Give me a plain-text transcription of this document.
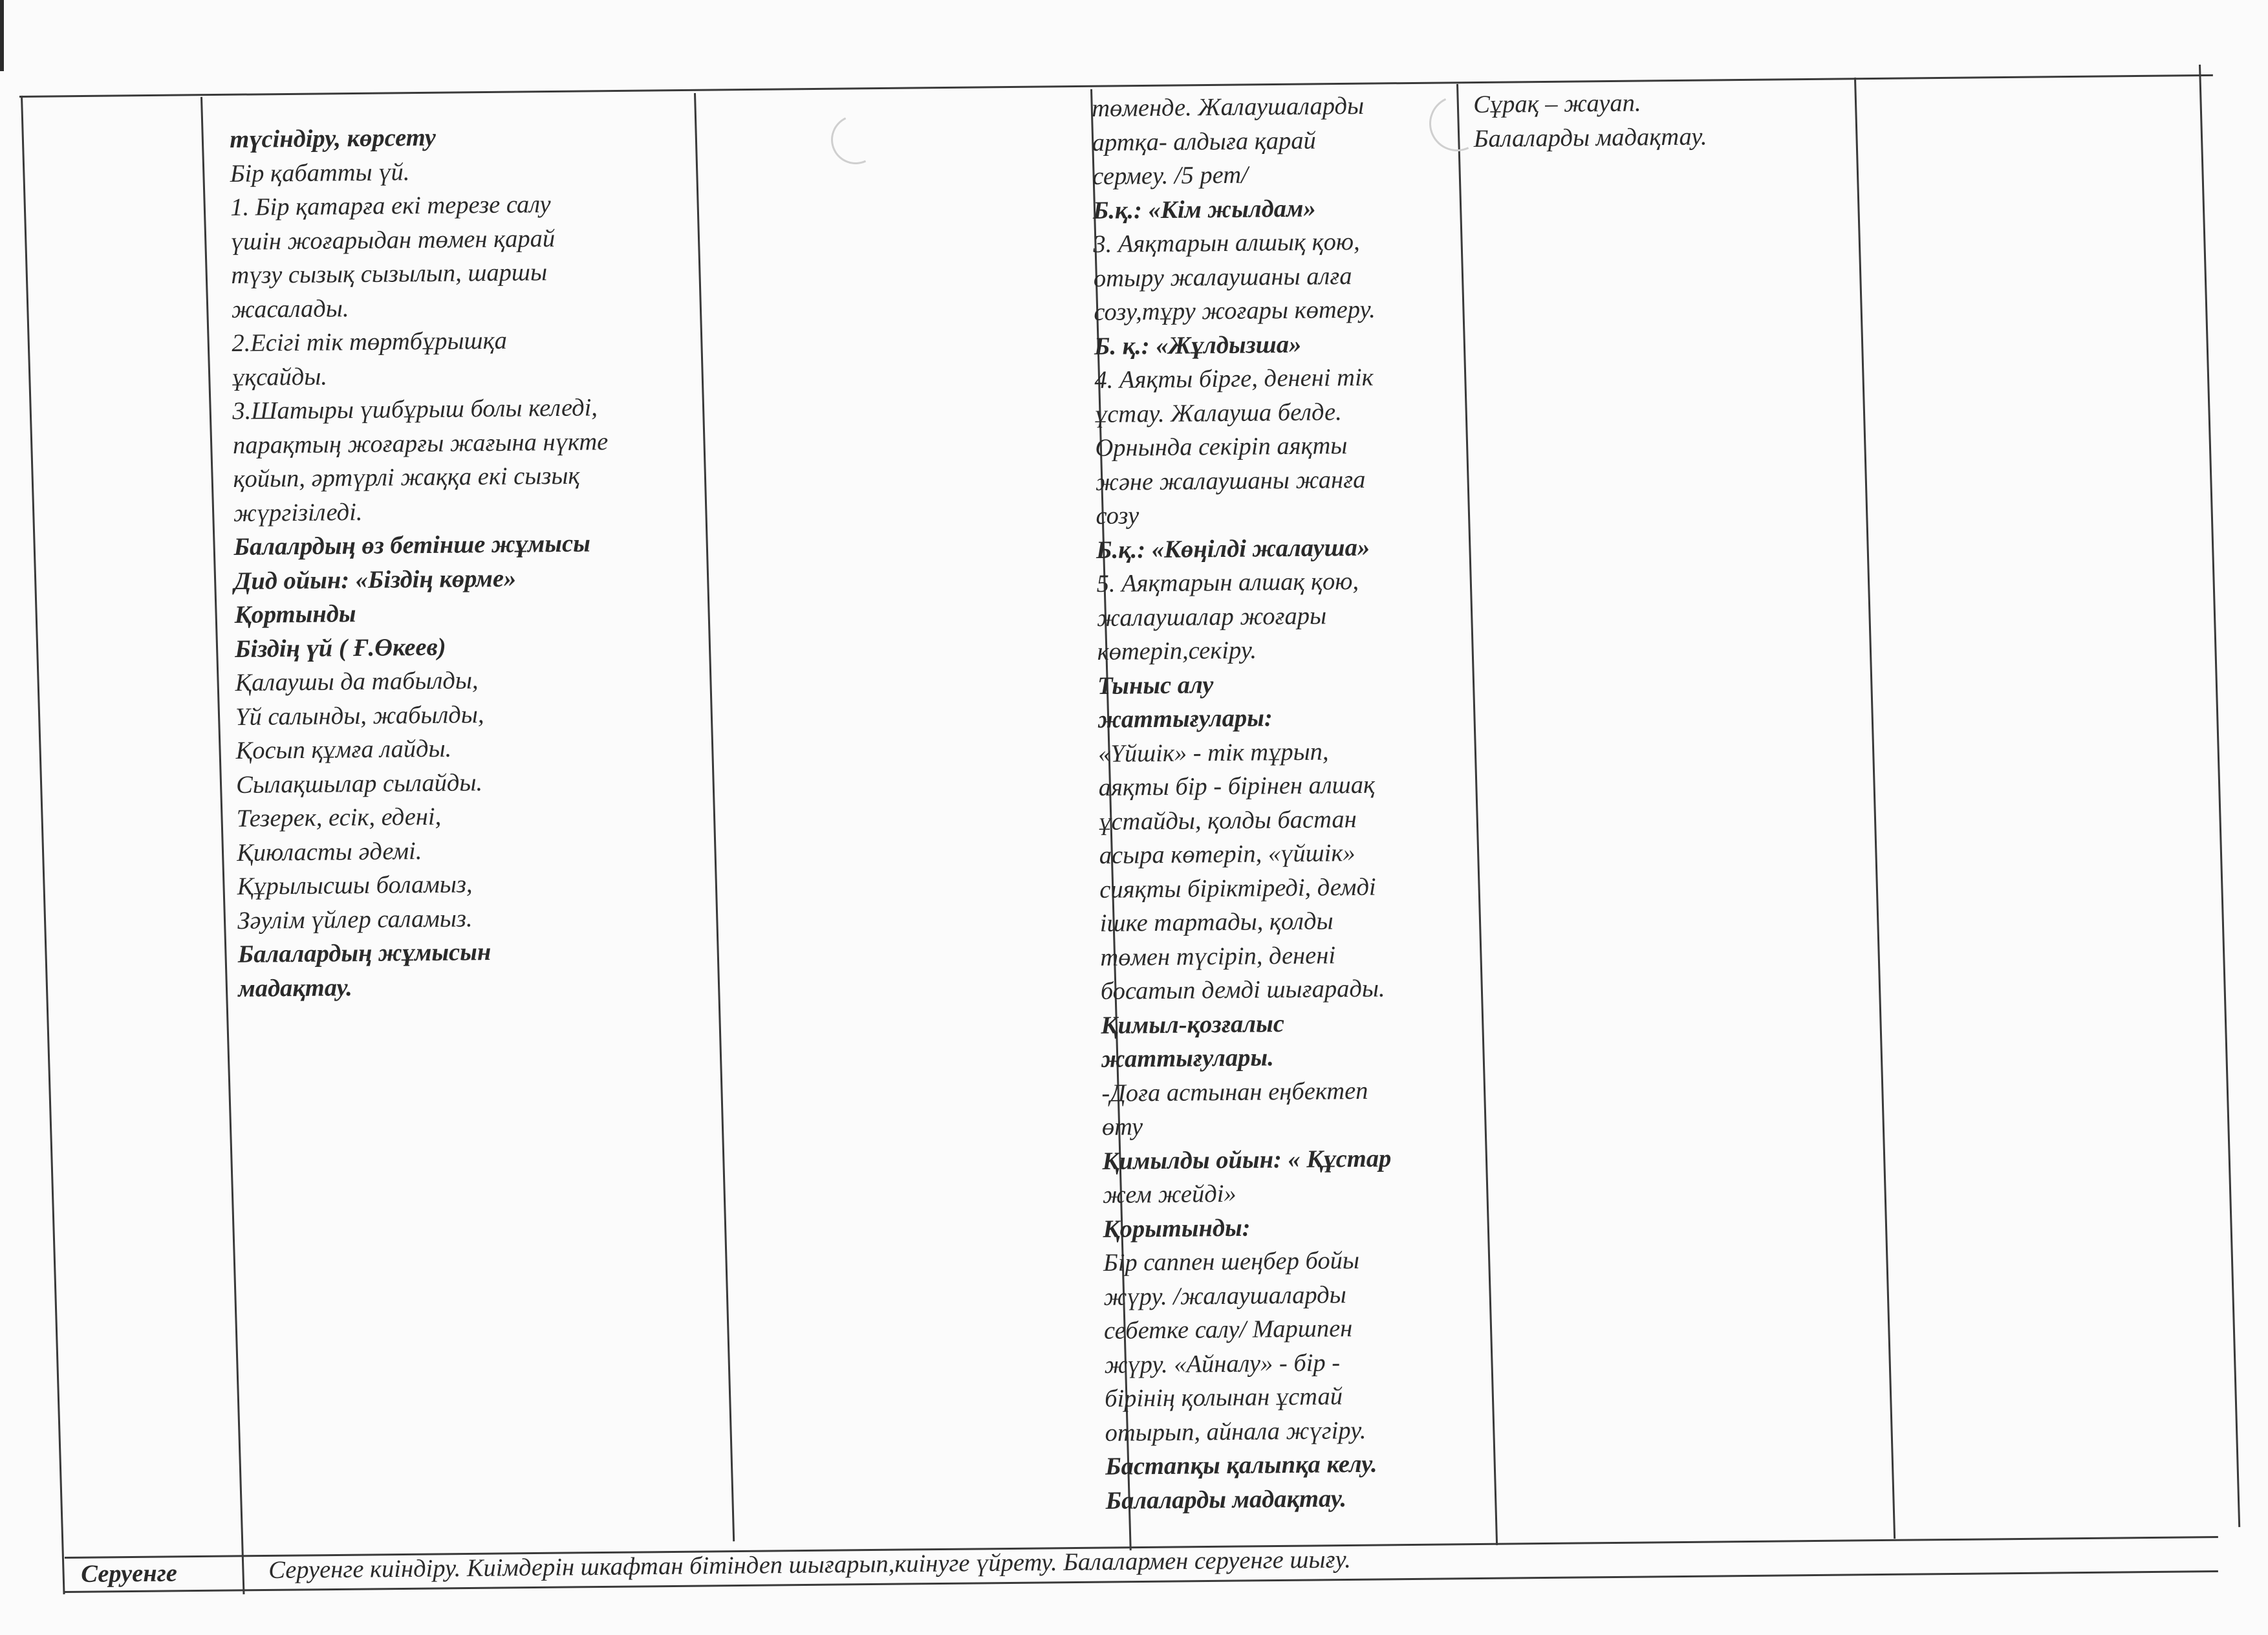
түсіндіру, көрсету
Бір қабатты үй.
1. Бір қатарға екі терезе салу
үшін жоғарыдан төмен қарай
түзу сызық сызылып, шаршы
жасалады.
2.Есігі тік төртбұрышқа
ұқсайды.
3.Шатыры үшбұрыш болы келеді,
парақтың жоғарғы жағына нүкте
қойып, әртүрлі жаққа екі сызық
жүргізіледі.
Балалрдың өз бетінше жұмысы
Дид ойын: «Біздің көрме»
Қортынды
Біздің үй ( Ғ.Өкеев)
Қалаушы да табылды,
Үй салынды, жабылды,
Қосып құмға лайды.
Сылақшылар сылайды.
Тезерек, есік, едені,
Қиюласты әдемі.
Құрылысшы боламыз,
Зәулім үйлер саламыз.
Балалардың жұмысын
мадақтау.
төменде. Жалаушаларды
артқа- алдыға қарай
сермеу. /5 рет/
Б.қ.: «Кім жылдам»
3. Аяқтарын алшық қою,
отыру жалаушаны алға
созу,тұру жоғары көтеру.
Б. қ.: «Жұлдызша»
4. Аяқты бірге, денені тік
ұстау. Жалауша белде.
Орнында секіріп аяқты
және жалаушаны жанға
созу
Б.қ.: «Көңілді жалауша»
5. Аяқтарын алшақ қою,
жалаушалар жоғары
көтеріп,секіру.
Тыныс алу
жаттығулары:
«Үйшік» - тік тұрып,
аяқты бір - бірінен алшақ
ұстайды, қолды бастан
асыра көтеріп, «үйшік»
сияқты біріктіреді, демді
ішке тартады, қолды
төмен түсіріп, денені
босатып демді шығарады.
Қимыл-қозғалыс
жаттығулары.
-Доға астынан еңбектеп
өту
Қимылды ойын: « Құстар
жем жейді»
Қорытынды:
Бір саппен шеңбер бойы
жүру. /жалаушаларды
себетке салу/ Маршпен
жүру. «Айналу» - бір -
бірінің қолынан ұстай
отырып, айнала жүгіру.
Бастапқы қалыпқа келу.
Балаларды мадақтау.
Сұрақ – жауап.
Балаларды мадақтау.
Серуенге	Серуенге киіндіру. Киімдерін шкафтан бітіндеп шығарып,киінуге үйрету. Балалармен серуенге шығу.
